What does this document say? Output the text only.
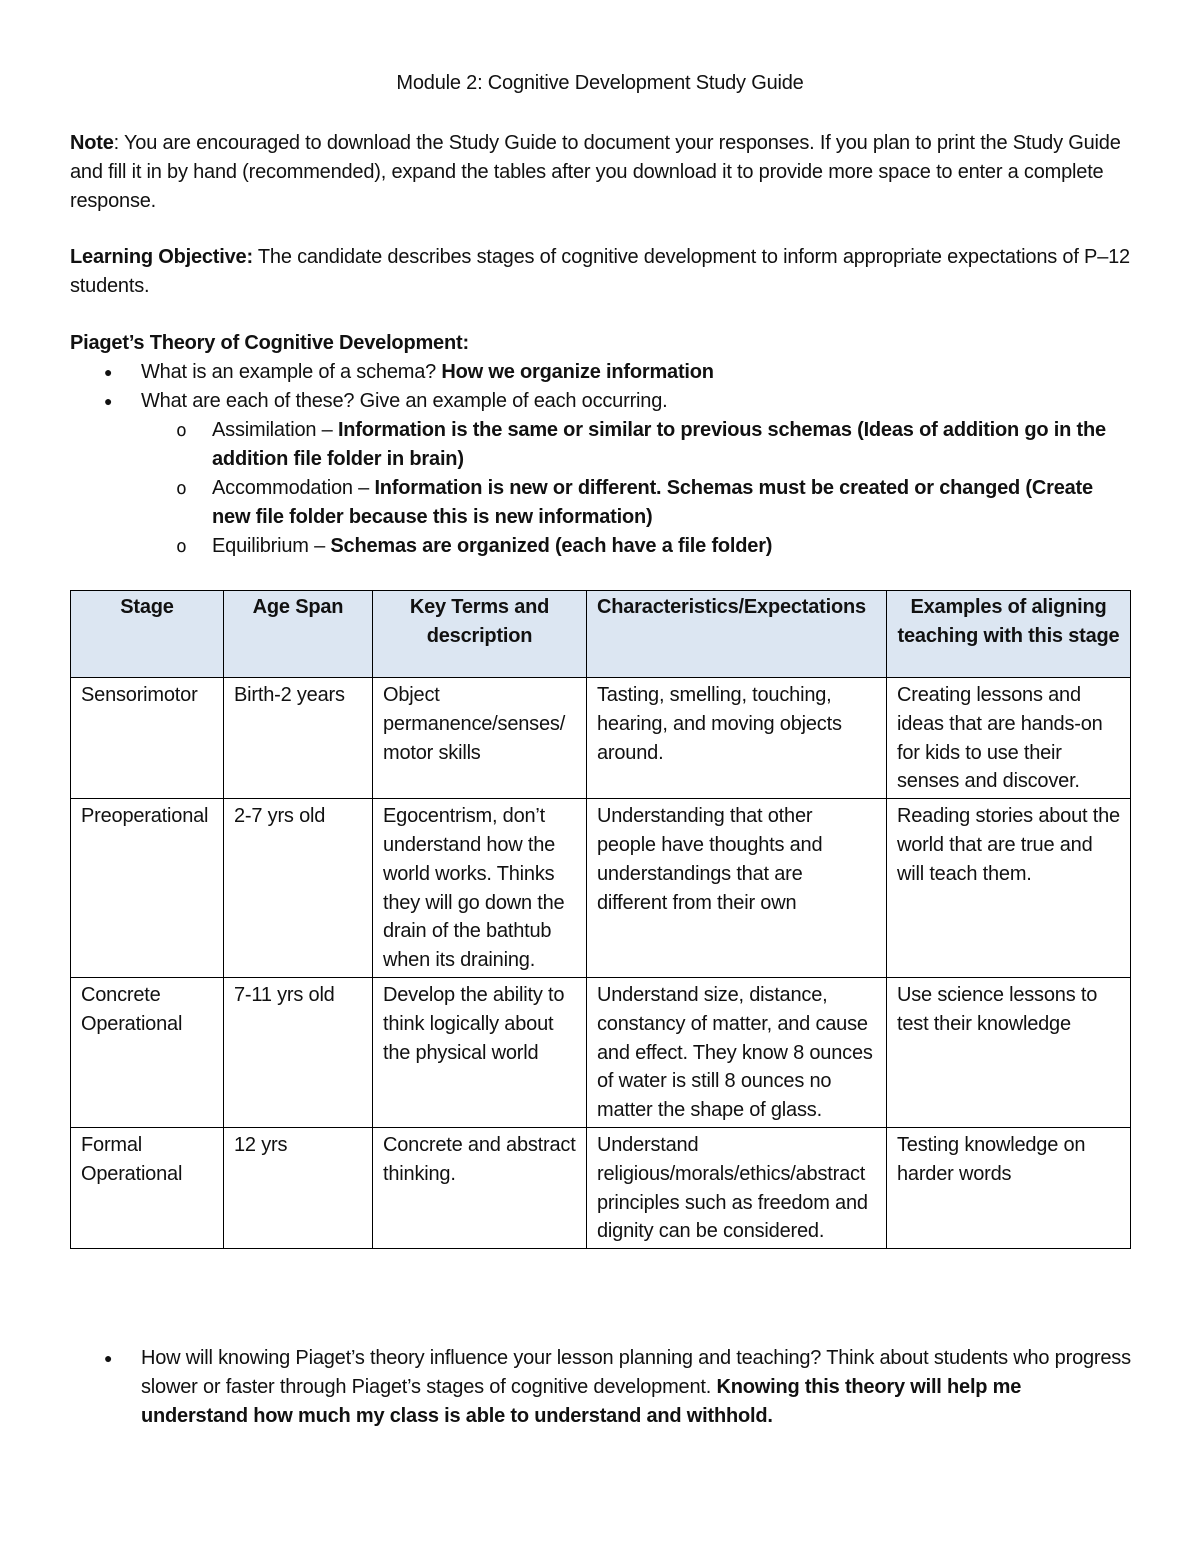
Module 2: Cognitive Development Study Guide
Note: You are encouraged to download the Study Guide to document your responses. If you plan to print the Study Guide and fill it in by hand (recommended), expand the tables after you download it to provide more space to enter a complete response.
Learning Objective: The candidate describes stages of cognitive development to inform appropriate expectations of P–12 students.
Piaget’s Theory of Cognitive Development:
● What is an example of a schema? How we organize information
● What are each of these? Give an example of each occurring.
o Assimilation – Information is the same or similar to previous schemas (Ideas of addition go in the addition file folder in brain)
o Accommodation – Information is new or different. Schemas must be created or changed (Create new file folder because this is new information)
o Equilibrium – Schemas are organized (each have a file folder)
Stage	Age Span	Key Terms and description	Characteristics/Expectations	Examples of aligning teaching with this stage
Sensorimotor	Birth-2 years	Object permanence/senses/motor skills	Tasting, smelling, touching, hearing, and moving objects around.	Creating lessons and ideas that are hands-on for kids to use their senses and discover.
Preoperational	2-7 yrs old	Egocentrism, don’t understand how the world works. Thinks they will go down the drain of the bathtub when its draining.	Understanding that other people have thoughts and understandings that are different from their own	Reading stories about the world that are true and will teach them.
Concrete Operational	7-11 yrs old	Develop the ability to think logically about the physical world	Understand size, distance, constancy of matter, and cause and effect. They know 8 ounces of water is still 8 ounces no matter the shape of glass.	Use science lessons to test their knowledge
Formal Operational	12 yrs	Concrete and abstract thinking.	Understand religious/morals/ethics/abstract principles such as freedom and dignity can be considered.	Testing knowledge on harder words
● How will knowing Piaget’s theory influence your lesson planning and teaching? Think about students who progress slower or faster through Piaget’s stages of cognitive development. Knowing this theory will help me understand how much my class is able to understand and withhold.
